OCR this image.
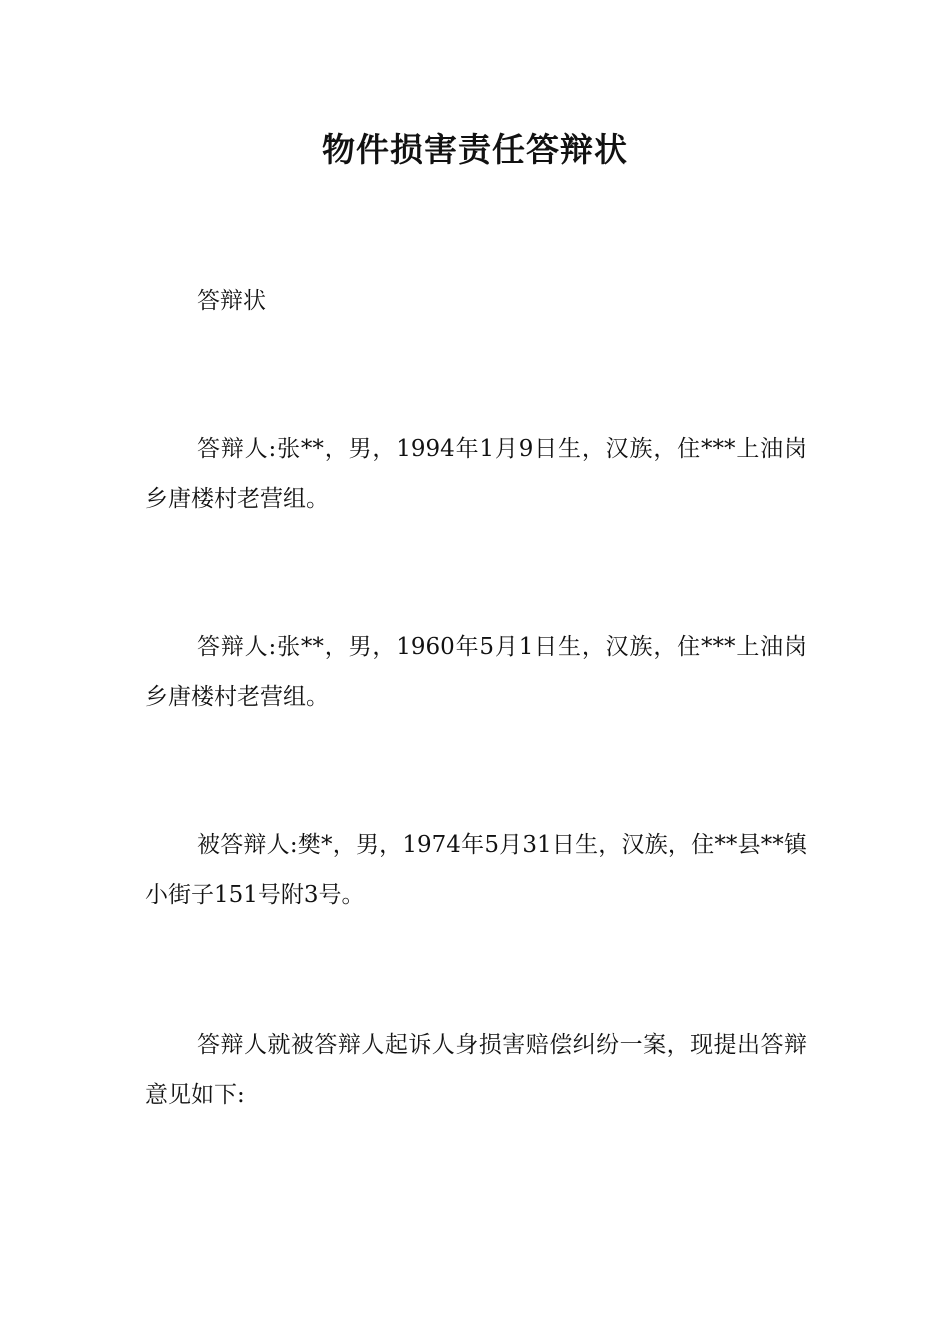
物件损害责任答辩状
答辩状
答辩人:张**，男，1994年1月9日生，汉族，住***上油岗乡唐楼村老营组。
答辩人:张**，男，1960年5月1日生，汉族，住***上油岗乡唐楼村老营组。
被答辩人:樊*，男，1974年5月31日生，汉族，住**县**镇小街子151号附3号。
答辩人就被答辩人起诉人身损害赔偿纠纷一案，现提出答辩意见如下:
